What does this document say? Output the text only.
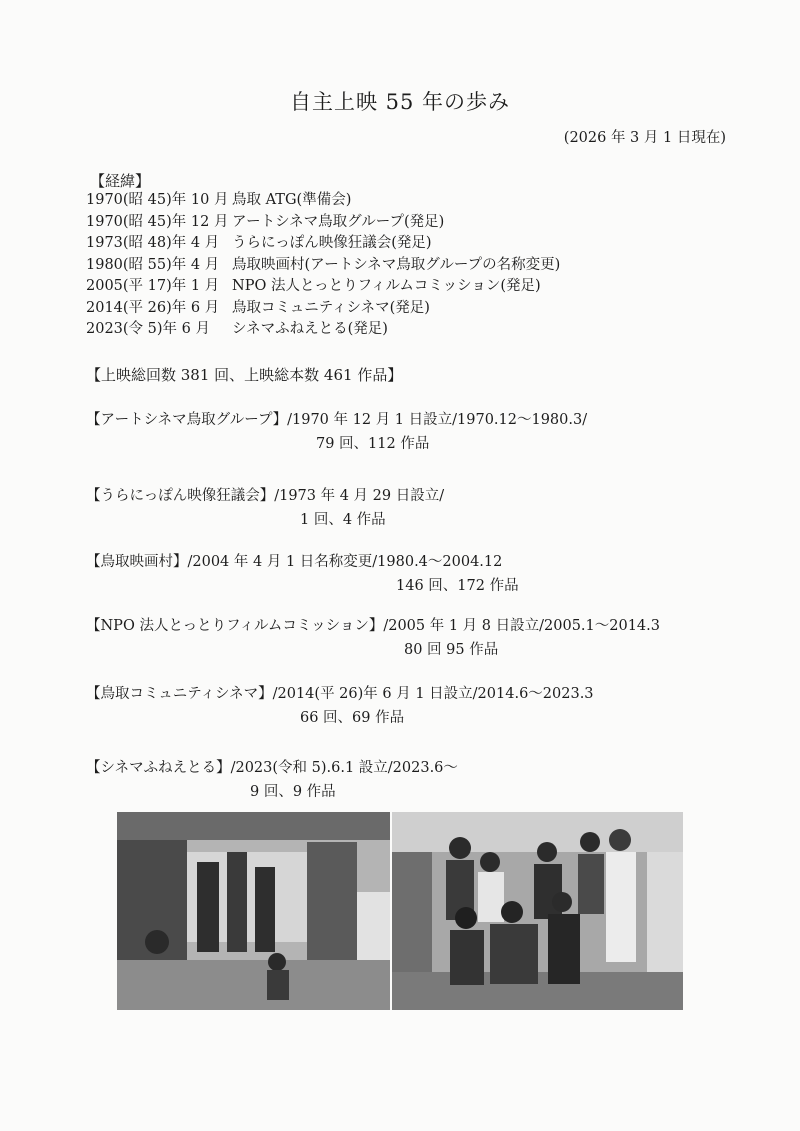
自主上映 55 年の歩み
(2026 年 3 月 1 日現在)
【経緯】
1970(昭 45)年 10 月 鳥取 ATG(準備会)
1970(昭 45)年 12 月 アートシネマ鳥取グループ(発足)
1973(昭 48)年 4 月 うらにっぽん映像狂議会(発足)
1980(昭 55)年 4 月 鳥取映画村(アートシネマ鳥取グループの名称変更)
2005(平 17)年 1 月 NPO 法人とっとりフィルムコミッション(発足)
2014(平 26)年 6 月 鳥取コミュニティシネマ(発足)
2023(令 5)年 6 月 シネマふねえとる(発足)
【上映総回数 381 回、上映総本数 461 作品】
【アートシネマ鳥取グループ】/1970 年 12 月 1 日設立/1970.12～1980.3/
79 回、112 作品
【うらにっぽん映像狂議会】/1973 年 4 月 29 日設立/
1 回、4 作品
【鳥取映画村】/2004 年 4 月 1 日名称変更/1980.4～2004.12
146 回、172 作品
【NPO 法人とっとりフィルムコミッション】/2005 年 1 月 8 日設立/2005.1～2014.3
80 回 95 作品
【鳥取コミュニティシネマ】/2014(平 26)年 6 月 1 日設立/2014.6～2023.3
66 回、69 作品
【シネマふねえとる】/2023(令和 5).6.1 設立/2023.6～
9 回、9 作品
